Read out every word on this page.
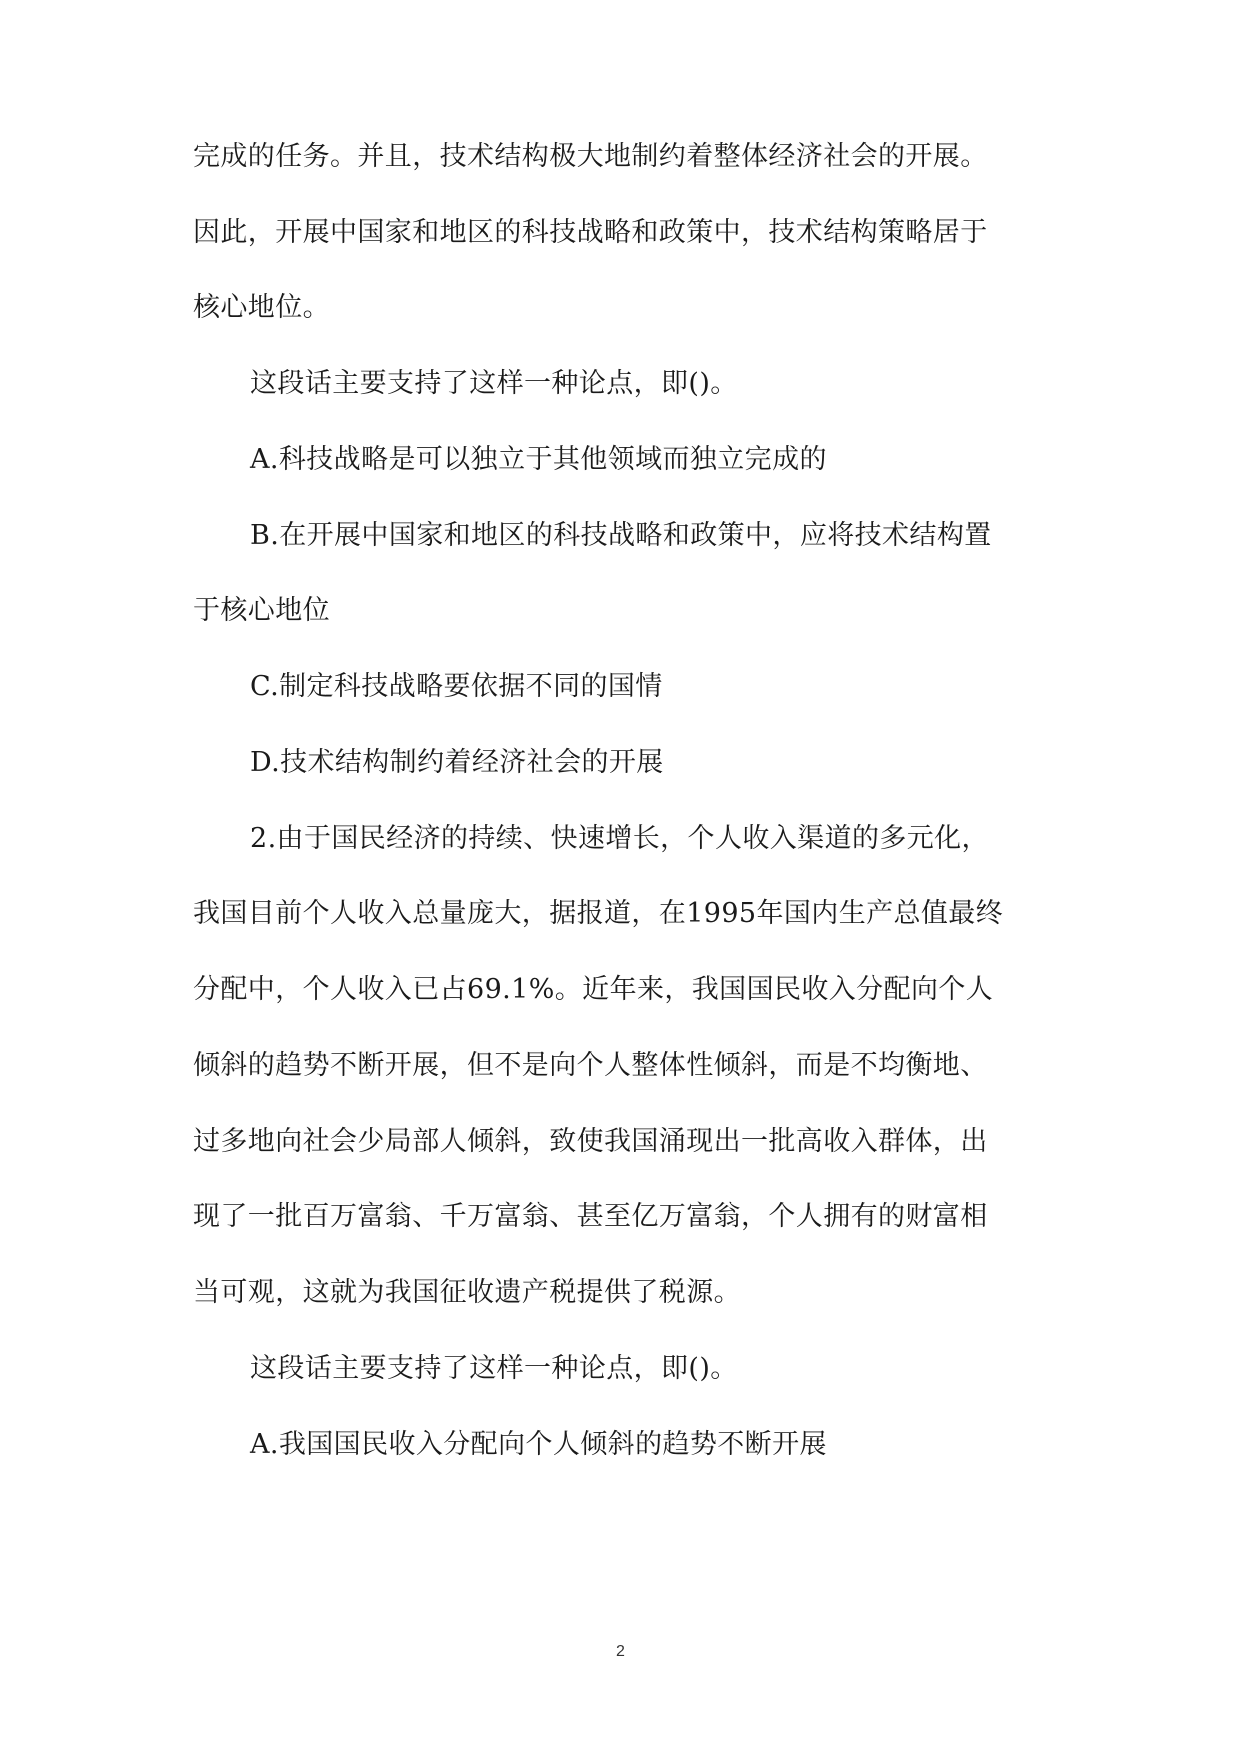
完成的任务。并且，技术结构极大地制约着整体经济社会的开展。
因此，开展中国家和地区的科技战略和政策中，技术结构策略居于
核心地位。
这段话主要支持了这样一种论点，即()。
A.科技战略是可以独立于其他领域而独立完成的
B.在开展中国家和地区的科技战略和政策中，应将技术结构置
于核心地位
C.制定科技战略要依据不同的国情
D.技术结构制约着经济社会的开展
2.由于国民经济的持续、快速增长，个人收入渠道的多元化，
我国目前个人收入总量庞大，据报道，在1995年国内生产总值最终
分配中，个人收入已占69.1%。近年来，我国国民收入分配向个人
倾斜的趋势不断开展，但不是向个人整体性倾斜，而是不均衡地、
过多地向社会少局部人倾斜，致使我国涌现出一批高收入群体，出
现了一批百万富翁、千万富翁、甚至亿万富翁，个人拥有的财富相
当可观，这就为我国征收遗产税提供了税源。
这段话主要支持了这样一种论点，即()。
A.我国国民收入分配向个人倾斜的趋势不断开展
2
